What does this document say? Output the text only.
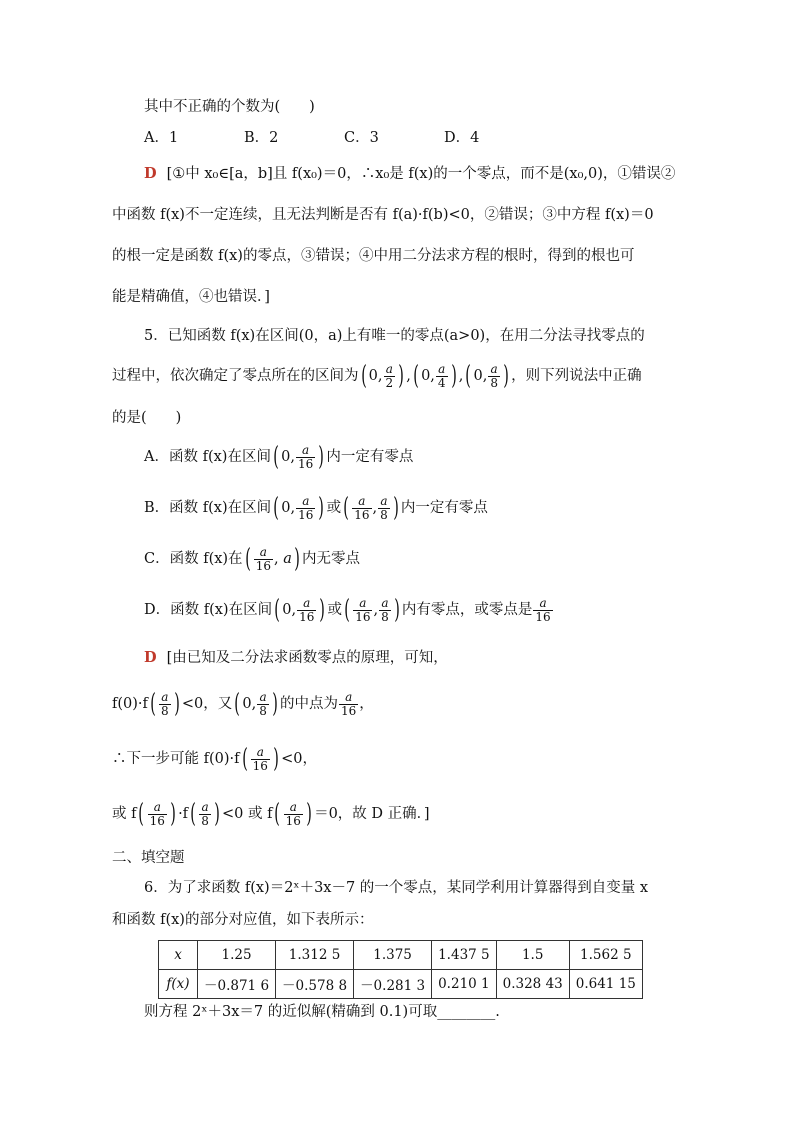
其中不正确的个数为(　　)
A．1	B．2	C．3	D．4
D [①中 x₀∈[a，b]且 f(x₀)＝0，∴x₀是 f(x)的一个零点，而不是(x₀,0)，①错误②
中函数 f(x)不一定连续，且无法判断是否有 f(a)·f(b)<0，②错误；③中方程 f(x)＝0
的根一定是函数 f(x)的零点，③错误；④中用二分法求方程的根时，得到的根也可
能是精确值，④也错误．]
5．已知函数 f(x)在区间(0，a)上有唯一的零点(a>0)，在用二分法寻找零点的
过程中，依次确定了零点所在的区间为( 0, $\frac{a}{2}$ ) ,( 0, $\frac{a}{4}$ ) ,( 0, $\frac{a}{8}$ ) ，则下列说法中正确
的是(　　)
A．函数 f(x)在区间( 0, $\frac{a}{16}$ ) 内一定有零点
B．函数 f(x)在区间( 0, $\frac{a}{16}$ ) 或( $\frac{a}{16}$ , $\frac{a}{8}$ ) 内一定有零点
C．函数 f(x)在( $\frac{a}{16}$ , a) 内无零点
D．函数 f(x)在区间( 0, $\frac{a}{16}$ ) 或( $\frac{a}{16}$ , $\frac{a}{8}$ ) 内有零点，或零点是 $\frac{a}{16}$
D [由已知及二分法求函数零点的原理，可知，
$f(0)\cdot f( \frac{a}{8}$ ) <0，又( 0, $\frac{a}{8}$ ) 的中点为 $\frac{a}{16}$ ，
∴下一步可能 $f(0)\cdot f( \frac{a}{16}$ ) <0，
或 $f( \frac{a}{16}$ ) $\cdot f( \frac{a}{8}$ ) <0 或 $f( \frac{a}{16}$ ) ＝0，故 D 正确．]
二、填空题
6．为了求函数 f(x)＝2ˣ＋3x－7 的一个零点，某同学利用计算器得到自变量 x
和函数 f(x)的部分对应值，如下表所示：
x	1.25	1.312 5	1.375	1.437 5	1.5	1.562 5
f(x)	－0.871 6	－0.578 8	－0.281 3	0.210 1	0.328 43	0.641 15
则方程 2ˣ＋3x＝7 的近似解(精确到 0.1)可取________.
